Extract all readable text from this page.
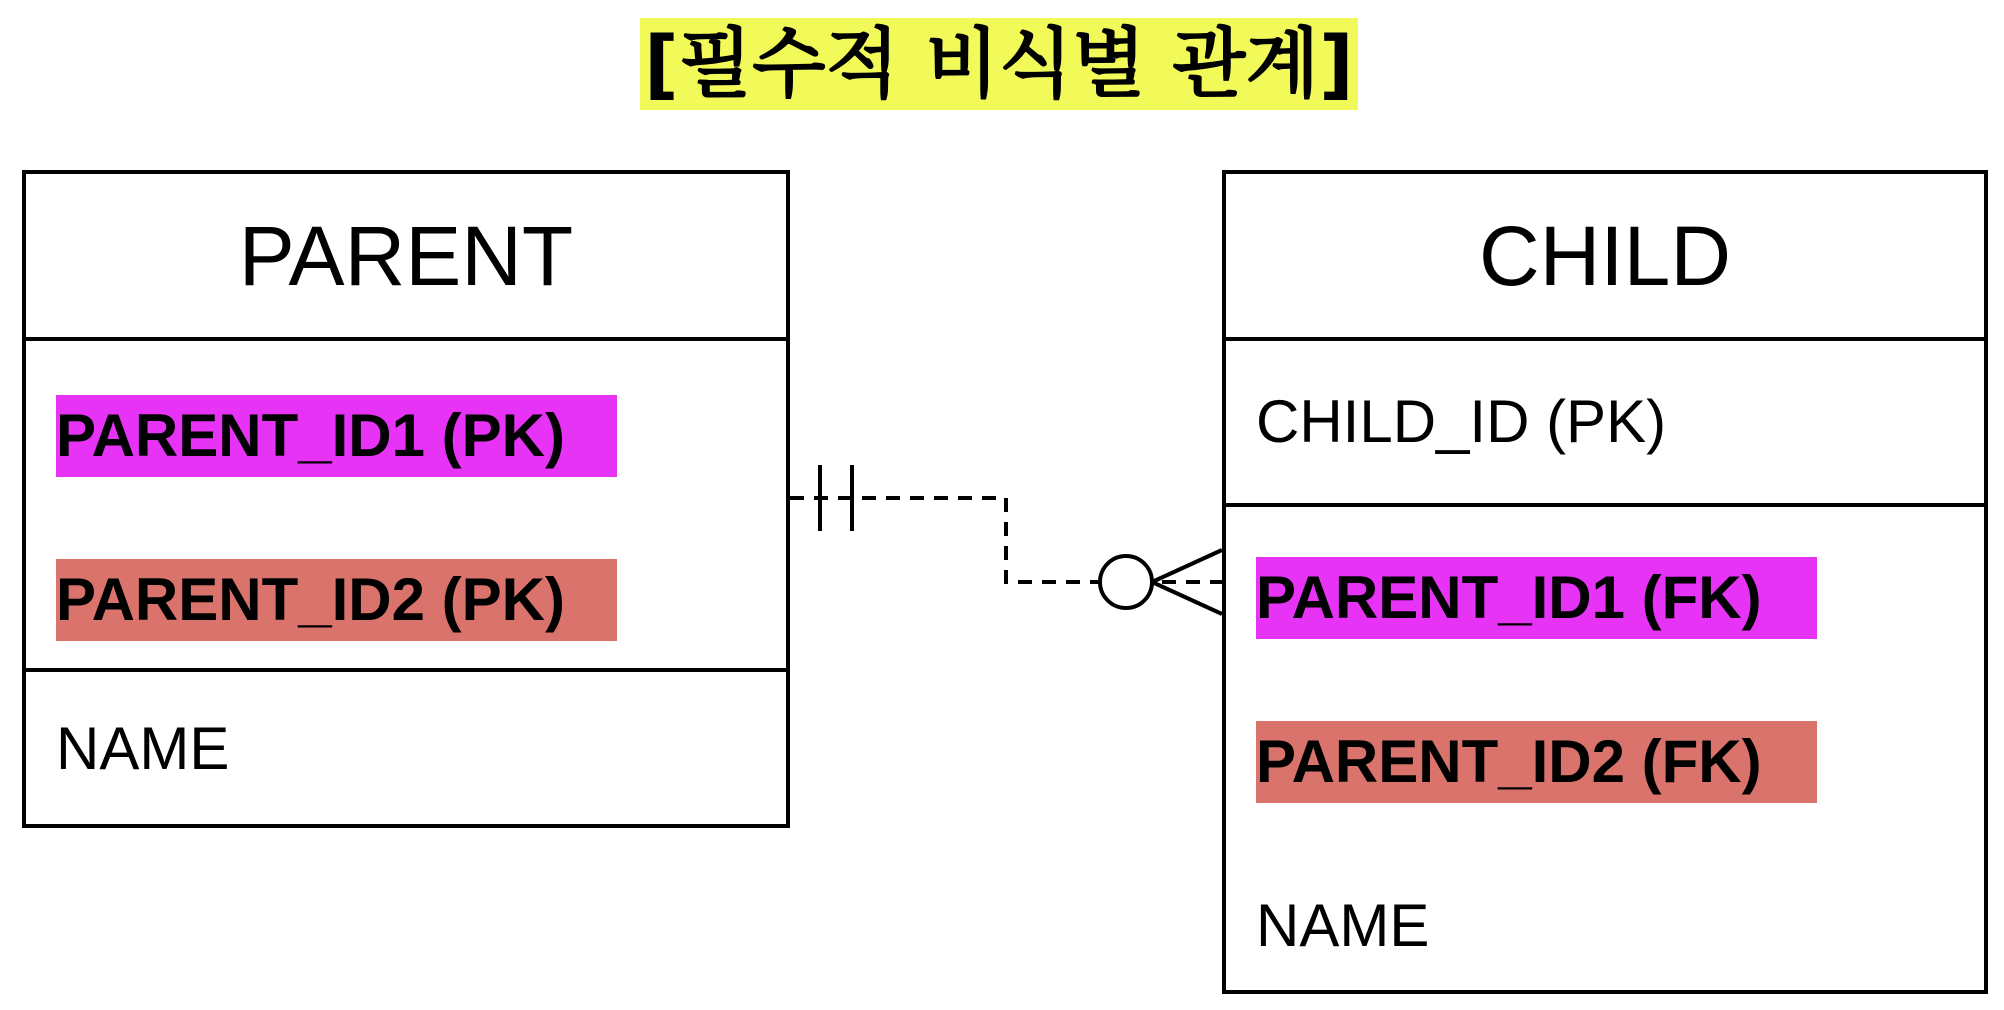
[필수적 비식별 관계]
PARENT
PARENT_ID1 (PK)
PARENT_ID2 (PK)
NAME
CHILD
CHILD_ID (PK)
PARENT_ID1 (FK)
PARENT_ID2 (FK)
NAME
